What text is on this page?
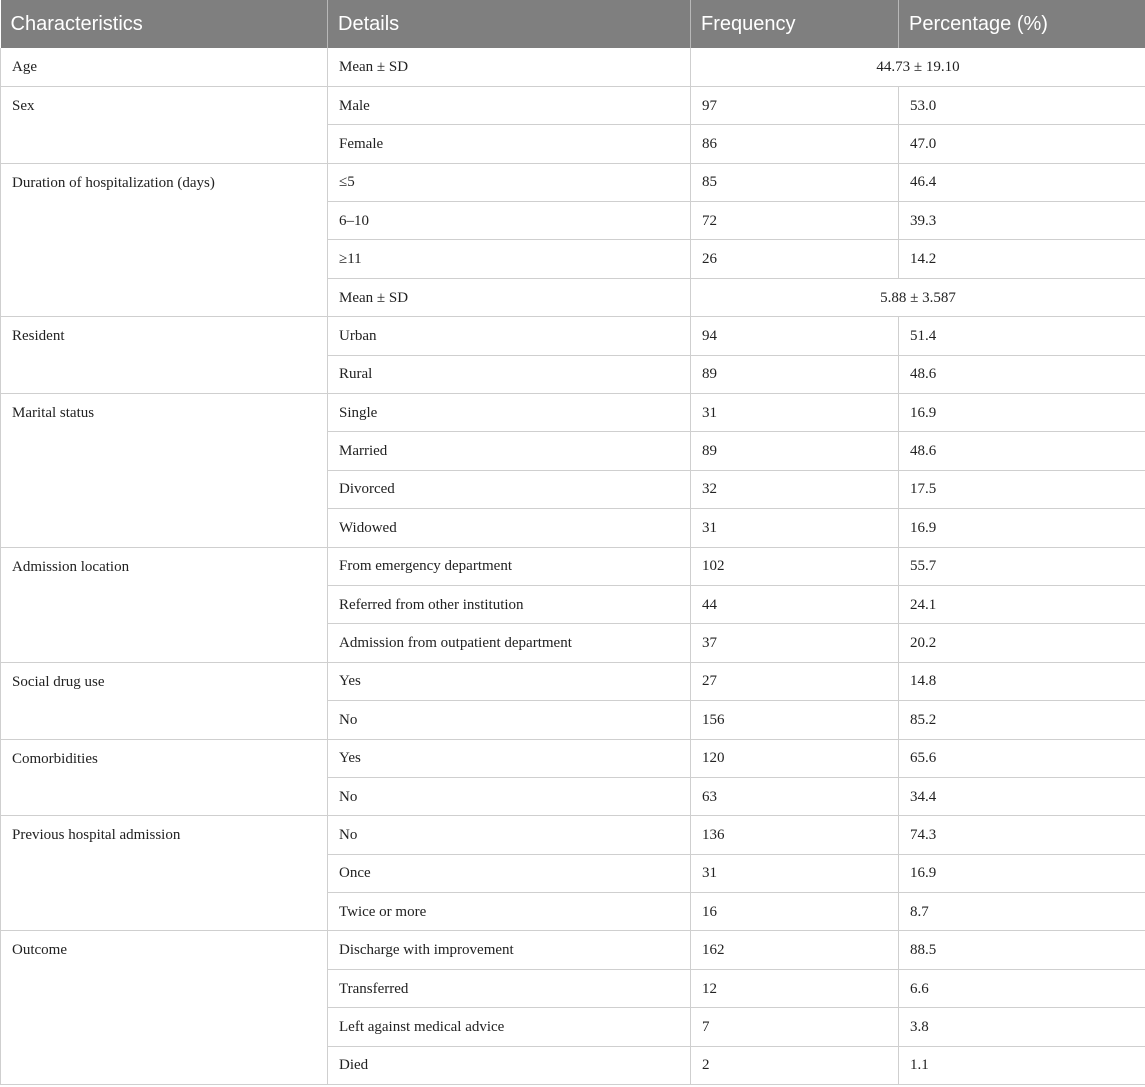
Characteristics	Details	Frequency	Percentage (%)
Age	Mean ± SD	44.73 ± 19.10	
Sex	Male	97	53.0
	Female	86	47.0
Duration of hospitalization (days)	≤5	85	46.4
	6–10	72	39.3
	≥11	26	14.2
	Mean ± SD	5.88 ± 3.587	
Resident	Urban	94	51.4
	Rural	89	48.6
Marital status	Single	31	16.9
	Married	89	48.6
	Divorced	32	17.5
	Widowed	31	16.9
Admission location	From emergency department	102	55.7
	Referred from other institution	44	24.1
	Admission from outpatient department	37	20.2
Social drug use	Yes	27	14.8
	No	156	85.2
Comorbidities	Yes	120	65.6
	No	63	34.4
Previous hospital admission	No	136	74.3
	Once	31	16.9
	Twice or more	16	8.7
Outcome	Discharge with improvement	162	88.5
	Transferred	12	6.6
	Left against medical advice	7	3.8
	Died	2	1.1
